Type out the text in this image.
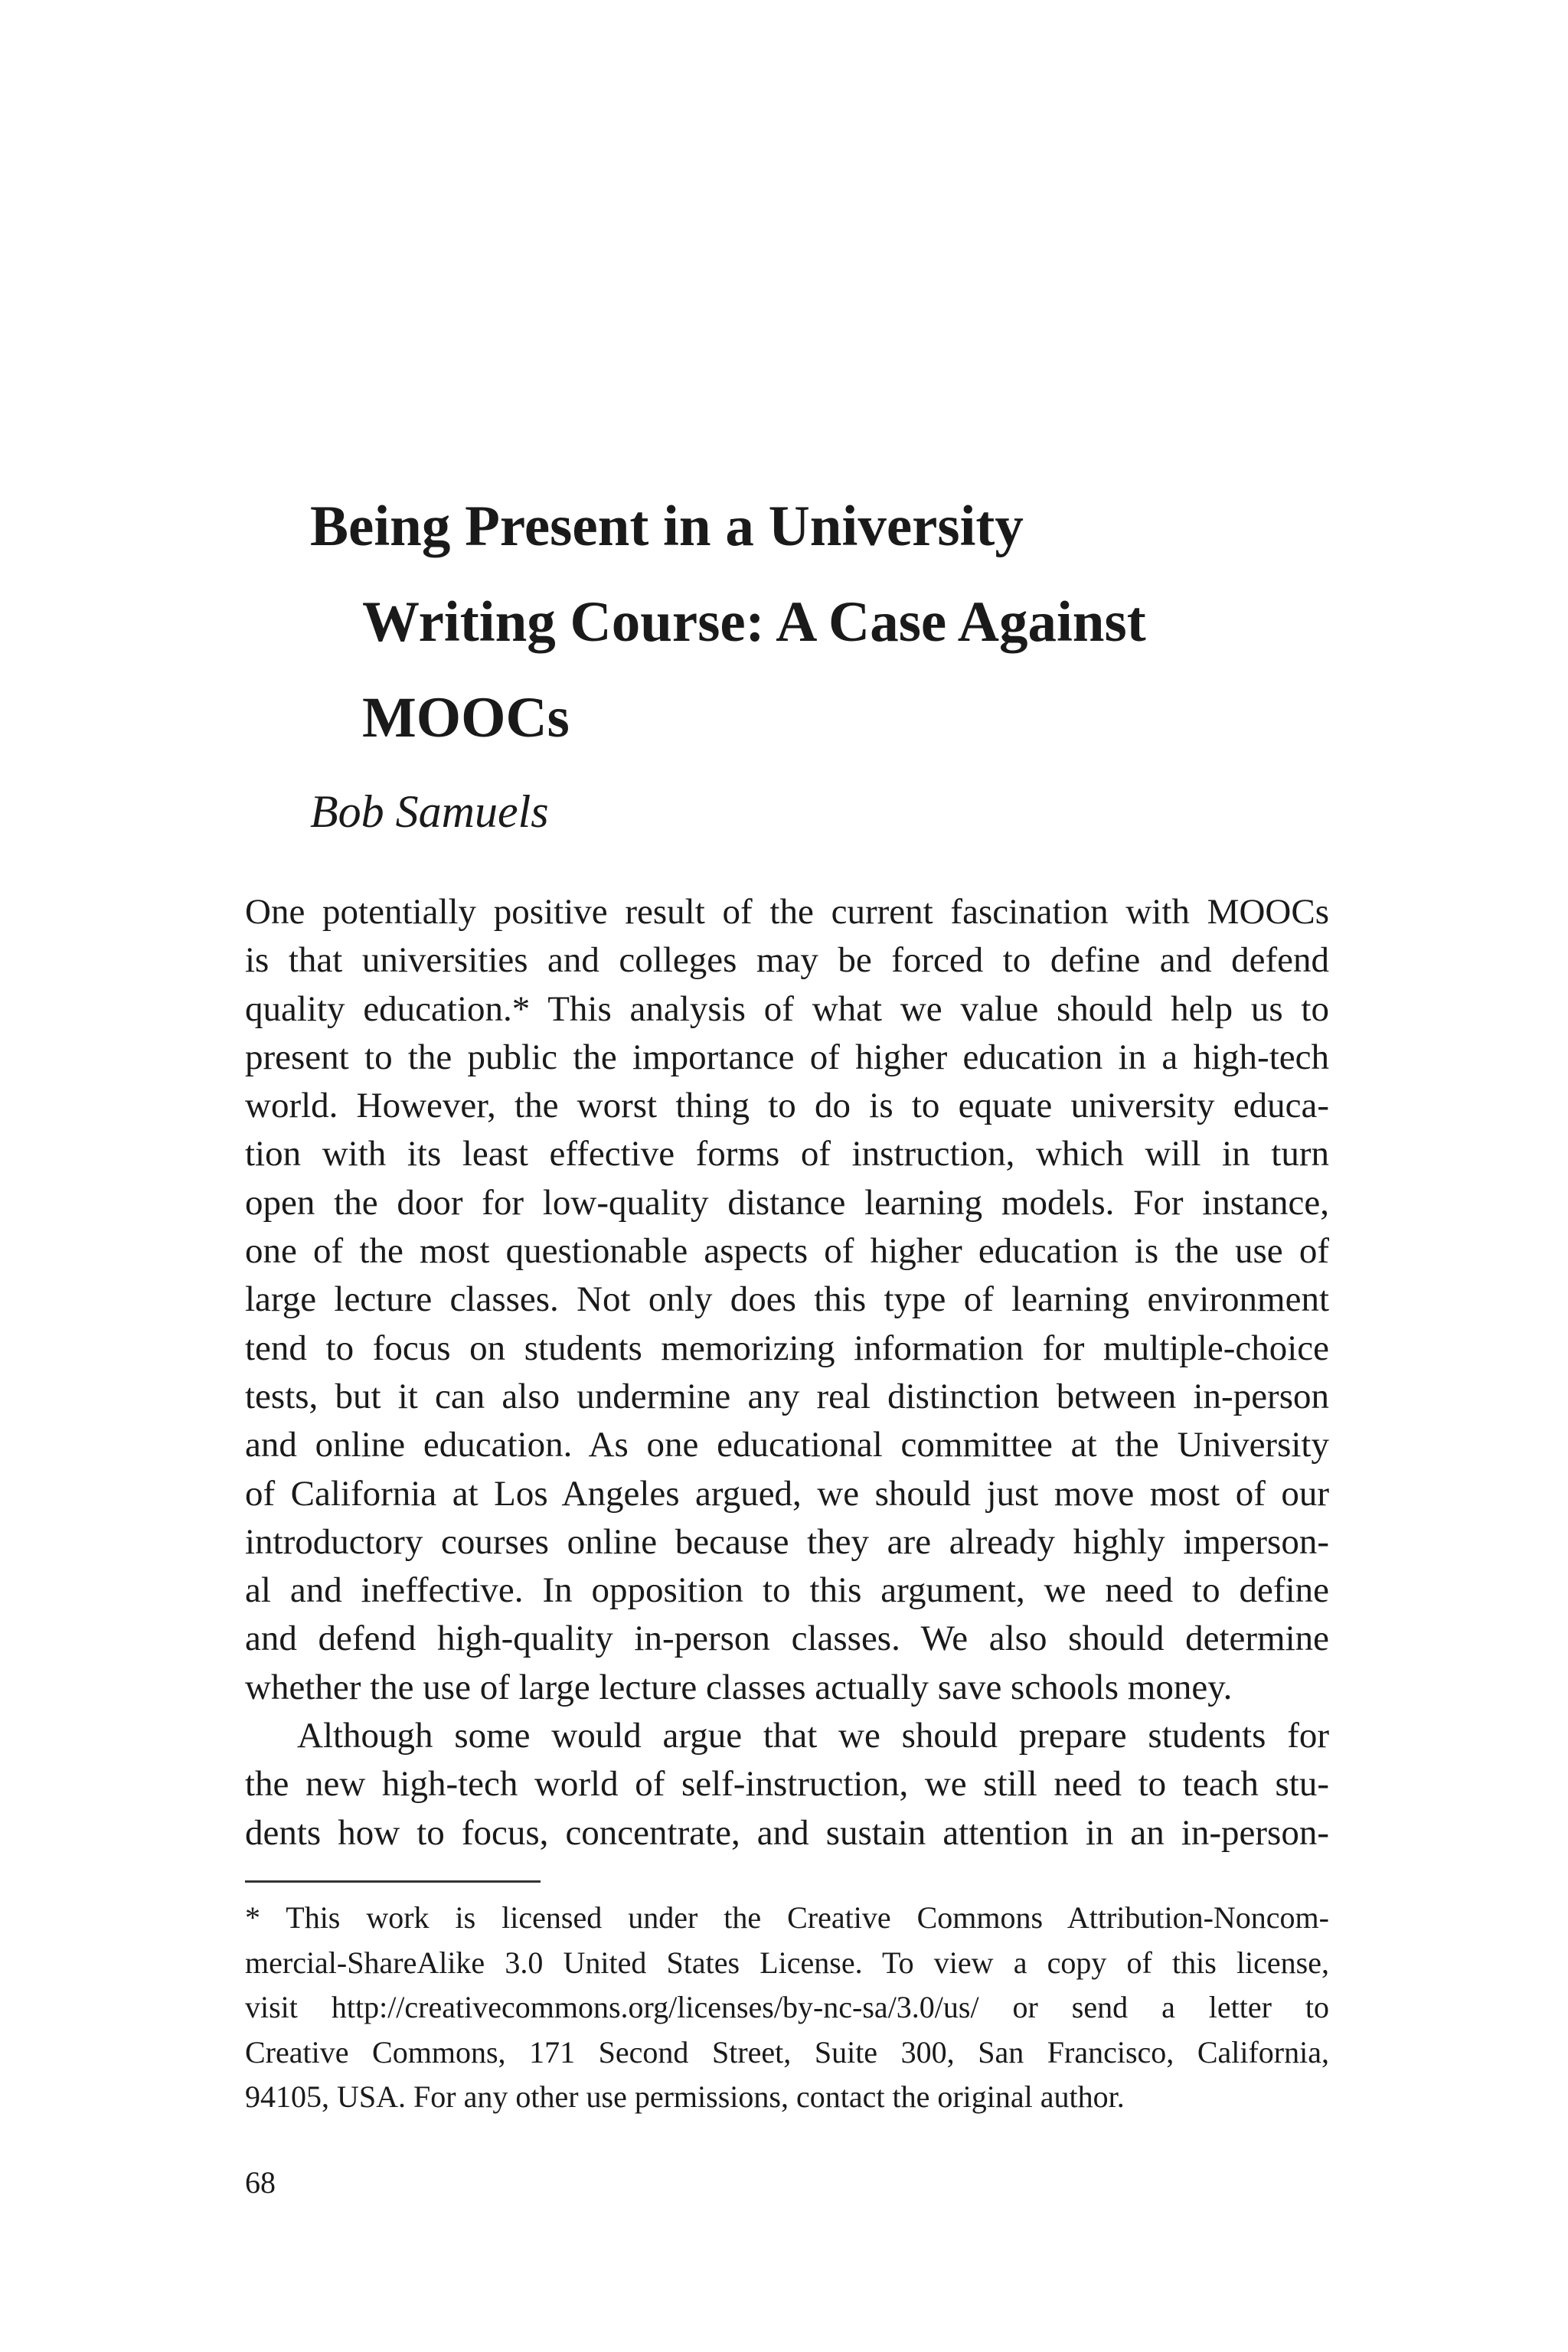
Being Present in a University
Writing Course: A Case Against
MOOCs
Bob Samuels
One potentially positive result of the current fascination with MOOCs
is that universities and colleges may be forced to define and defend
quality education.* This analysis of what we value should help us to
present to the public the importance of higher education in a high-tech
world. However, the worst thing to do is to equate university educa-
tion with its least effective forms of instruction, which will in turn
open the door for low-quality distance learning models. For instance,
one of the most questionable aspects of higher education is the use of
large lecture classes. Not only does this type of learning environment
tend to focus on students memorizing information for multiple-choice
tests, but it can also undermine any real distinction between in-person
and online education. As one educational committee at the University
of California at Los Angeles argued, we should just move most of our
introductory courses online because they are already highly imperson-
al and ineffective. In opposition to this argument, we need to define
and defend high-quality in-person classes. We also should determine
whether the use of large lecture classes actually save schools money.
Although some would argue that we should prepare students for
the new high-tech world of self-instruction, we still need to teach stu-
dents how to focus, concentrate, and sustain attention in an in-person-
* This work is licensed under the Creative Commons Attribution-Noncom-
mercial-ShareAlike 3.0 United States License. To view a copy of this license,
visit http://creativecommons.org/licenses/by-nc-sa/3.0/us/ or send a letter to
Creative Commons, 171 Second Street, Suite 300, San Francisco, California,
94105, USA. For any other use permissions, contact the original author.
68
